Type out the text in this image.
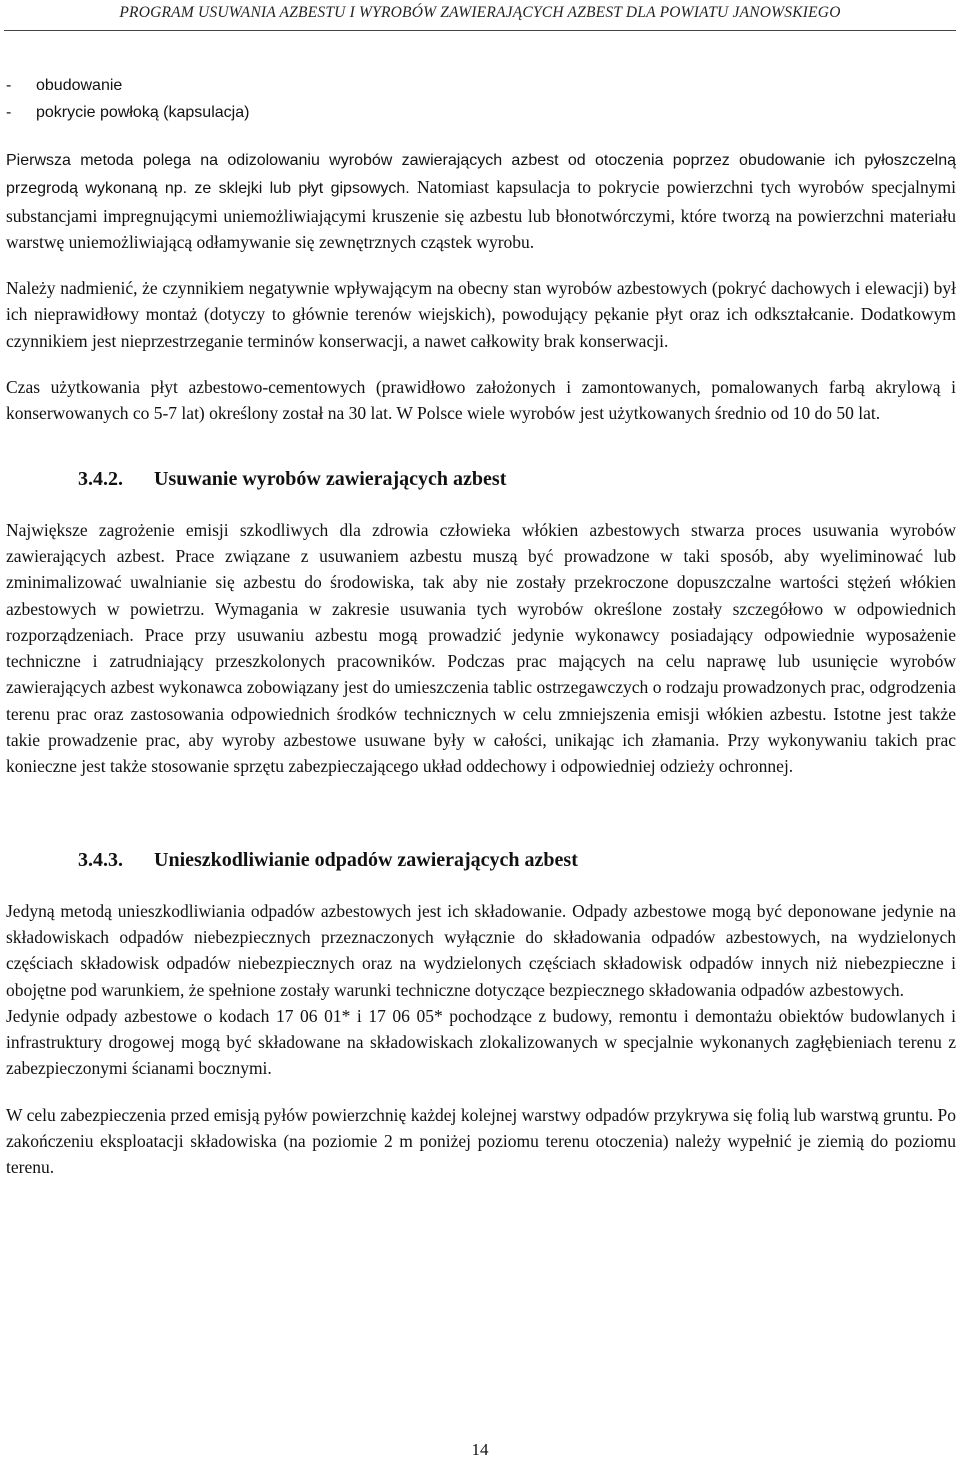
PROGRAM USUWANIA AZBESTU I WYROBÓW ZAWIERAJĄCYCH AZBEST DLA POWIATU JANOWSKIEGO
- obudowanie
- pokrycie powłoką (kapsulacja)

Pierwsza metoda polega na odizolowaniu wyrobów zawierających azbest od otoczenia poprzez obudowanie ich pyłoszczelną przegrodą wykonaną np. ze sklejki lub płyt gipsowych. Natomiast kapsulacja to pokrycie powierzchni tych wyrobów specjalnymi substancjami impregnującymi uniemożliwiającymi kruszenie się azbestu lub błonotwórczymi, które tworzą na powierzchni materiału warstwę uniemożliwiającą odłamywanie się zewnętrznych cząstek wyrobu.

Należy nadmienić, że czynnikiem negatywnie wpływającym na obecny stan wyrobów azbestowych (pokryć dachowych i elewacji) był ich nieprawidłowy montaż (dotyczy to głównie terenów wiejskich), powodujący pękanie płyt oraz ich odkształcanie. Dodatkowym czynnikiem jest nieprzestrzeganie terminów konserwacji, a nawet całkowity brak konserwacji.

Czas użytkowania płyt azbestowo-cementowych (prawidłowo założonych i zamontowanych, pomalowanych farbą akrylową i konserwowanych co 5-7 lat) określony został na 30 lat. W Polsce wiele wyrobów jest użytkowanych średnio od 10 do 50 lat.

3.4.2. Usuwanie wyrobów zawierających azbest

Największe zagrożenie emisji szkodliwych dla zdrowia człowieka włókien azbestowych stwarza proces usuwania wyrobów zawierających azbest. Prace związane z usuwaniem azbestu muszą być prowadzone w taki sposób, aby wyeliminować lub zminimalizować uwalnianie się azbestu do środowiska, tak aby nie zostały przekroczone dopuszczalne wartości stężeń włókien azbestowych w powietrzu. Wymagania w zakresie usuwania tych wyrobów określone zostały szczegółowo w odpowiednich rozporządzeniach. Prace przy usuwaniu azbestu mogą prowadzić jedynie wykonawcy posiadający odpowiednie wyposażenie techniczne i zatrudniający przeszkolonych pracowników. Podczas prac mających na celu naprawę lub usunięcie wyrobów zawierających azbest wykonawca zobowiązany jest do umieszczenia tablic ostrzegawczych o rodzaju prowadzonych prac, odgrodzenia terenu prac oraz zastosowania odpowiednich środków technicznych w celu zmniejszenia emisji włókien azbestu. Istotne jest także takie prowadzenie prac, aby wyroby azbestowe usuwane były w całości, unikając ich złamania. Przy wykonywaniu takich prac konieczne jest także stosowanie sprzętu zabezpieczającego układ oddechowy i odpowiedniej odzieży ochronnej.

3.4.3. Unieszkodliwianie odpadów zawierających azbest

Jedyną metodą unieszkodliwiania odpadów azbestowych jest ich składowanie. Odpady azbestowe mogą być deponowane jedynie na składowiskach odpadów niebezpiecznych przeznaczonych wyłącznie do składowania odpadów azbestowych, na wydzielonych częściach składowisk odpadów niebezpiecznych oraz na wydzielonych częściach składowisk odpadów innych niż niebezpieczne i obojętne pod warunkiem, że spełnione zostały warunki techniczne dotyczące bezpiecznego składowania odpadów azbestowych.

Jedynie odpady azbestowe o kodach 17 06 01* i 17 06 05* pochodzące z budowy, remontu i demontażu obiektów budowlanych i infrastruktury drogowej mogą być składowane na składowiskach zlokalizowanych w specjalnie wykonanych zagłębieniach terenu z zabezpieczonymi ścianami bocznymi.

W celu zabezpieczenia przed emisją pyłów powierzchnię każdej kolejnej warstwy odpadów przykrywa się folią lub warstwą gruntu. Po zakończeniu eksploatacji składowiska (na poziomie 2 m poniżej poziomu terenu otoczenia) należy wypełnić je ziemią do poziomu terenu.

14
